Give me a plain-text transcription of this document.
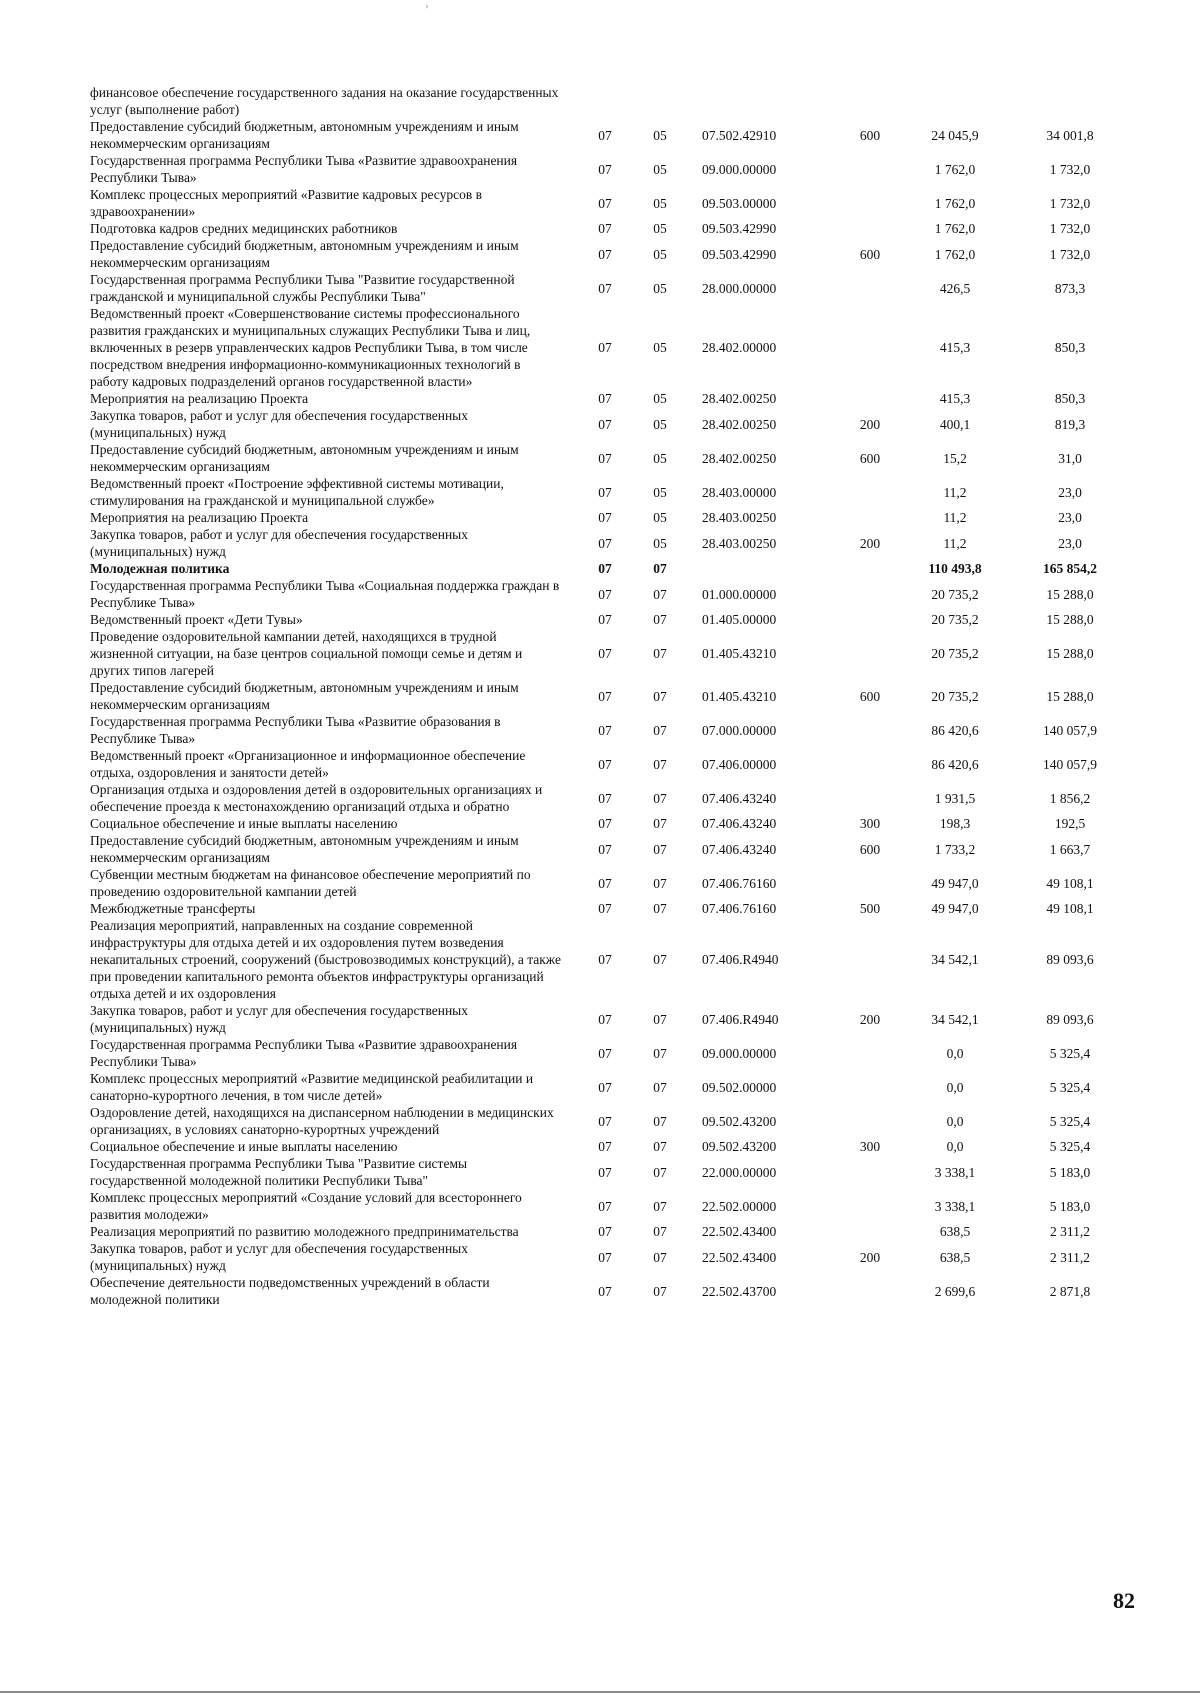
›
финансовое обеспечение государственного задания на оказание государственных услуг (выполнение работ)						
Предоставление субсидий бюджетным, автономным учреждениям и иным некоммерческим организациям	07	05	07.502.42910	600	24 045,9	34 001,8
Государственная программа Республики Тыва «Развитие здравоохранения Республики Тыва»	07	05	09.000.00000		1 762,0	1 732,0
Комплекс процессных мероприятий «Развитие кадровых ресурсов в здравоохранении»	07	05	09.503.00000		1 762,0	1 732,0
Подготовка кадров средних медицинских работников	07	05	09.503.42990		1 762,0	1 732,0
Предоставление субсидий бюджетным, автономным учреждениям и иным некоммерческим организациям	07	05	09.503.42990	600	1 762,0	1 732,0
Государственная программа Республики Тыва "Развитие государственной гражданской и муниципальной службы Республики Тыва"	07	05	28.000.00000		426,5	873,3
Ведомственный проект «Совершенствование системы профессионального развития гражданских и муниципальных служащих Республики Тыва и лиц, включенных в резерв управленческих кадров Республики Тыва, в том числе посредством внедрения информационно-коммуникационных технологий в работу кадровых подразделений органов государственной власти»	07	05	28.402.00000		415,3	850,3
Мероприятия на реализацию Проекта	07	05	28.402.00250		415,3	850,3
Закупка товаров, работ и услуг для обеспечения государственных (муниципальных) нужд	07	05	28.402.00250	200	400,1	819,3
Предоставление субсидий бюджетным, автономным учреждениям и иным некоммерческим организациям	07	05	28.402.00250	600	15,2	31,0
Ведомственный проект «Построение эффективной системы мотивации, стимулирования на гражданской и муниципальной службе»	07	05	28.403.00000		11,2	23,0
Мероприятия на реализацию Проекта	07	05	28.403.00250		11,2	23,0
Закупка товаров, работ и услуг для обеспечения государственных (муниципальных) нужд	07	05	28.403.00250	200	11,2	23,0
Молодежная политика	07	07			110 493,8	165 854,2
Государственная программа Республики Тыва «Социальная поддержка граждан в Республике Тыва»	07	07	01.000.00000		20 735,2	15 288,0
Ведомственный проект «Дети Тувы»	07	07	01.405.00000		20 735,2	15 288,0
Проведение оздоровительной кампании детей, находящихся в трудной жизненной ситуации, на базе центров социальной помощи семье и детям и других типов лагерей	07	07	01.405.43210		20 735,2	15 288,0
Предоставление субсидий бюджетным, автономным учреждениям и иным некоммерческим организациям	07	07	01.405.43210	600	20 735,2	15 288,0
Государственная программа Республики Тыва «Развитие образования в Республике Тыва»	07	07	07.000.00000		86 420,6	140 057,9
Ведомственный проект «Организационное и информационное обеспечение отдыха, оздоровления и занятости детей»	07	07	07.406.00000		86 420,6	140 057,9
Организация отдыха и оздоровления детей в оздоровительных организациях и обеспечение проезда к местонахождению организаций отдыха и обратно	07	07	07.406.43240		1 931,5	1 856,2
Социальное обеспечение и иные выплаты населению	07	07	07.406.43240	300	198,3	192,5
Предоставление субсидий бюджетным, автономным учреждениям и иным некоммерческим организациям	07	07	07.406.43240	600	1 733,2	1 663,7
Субвенции местным бюджетам на финансовое обеспечение мероприятий по проведению оздоровительной кампании детей	07	07	07.406.76160		49 947,0	49 108,1
Межбюджетные трансферты	07	07	07.406.76160	500	49 947,0	49 108,1
Реализация мероприятий, направленных на создание современной инфраструктуры для отдыха детей и их оздоровления путем возведения некапитальных строений, сооружений (быстровозводимых конструкций), а также при проведении капитального ремонта объектов инфраструктуры организаций отдыха детей и их оздоровления	07	07	07.406.R4940		34 542,1	89 093,6
Закупка товаров, работ и услуг для обеспечения государственных (муниципальных) нужд	07	07	07.406.R4940	200	34 542,1	89 093,6
Государственная программа Республики Тыва «Развитие здравоохранения Республики Тыва»	07	07	09.000.00000		0,0	5 325,4
Комплекс процессных мероприятий «Развитие медицинской реабилитации и санаторно-курортного лечения, в том числе детей»	07	07	09.502.00000		0,0	5 325,4
Оздоровление детей, находящихся на диспансерном наблюдении в медицинских организациях, в условиях санаторно-курортных учреждений	07	07	09.502.43200		0,0	5 325,4
Социальное обеспечение и иные выплаты населению	07	07	09.502.43200	300	0,0	5 325,4
Государственная программа Республики Тыва "Развитие системы государственной молодежной политики Республики Тыва"	07	07	22.000.00000		3 338,1	5 183,0
Комплекс процессных мероприятий «Создание условий для всестороннего развития молодежи»	07	07	22.502.00000		3 338,1	5 183,0
Реализация мероприятий по развитию молодежного предпринимательства	07	07	22.502.43400		638,5	2 311,2
Закупка товаров, работ и услуг для обеспечения государственных (муниципальных) нужд	07	07	22.502.43400	200	638,5	2 311,2
Обеспечение деятельности подведомственных учреждений в области молодежной политики	07	07	22.502.43700		2 699,6	2 871,8
82
